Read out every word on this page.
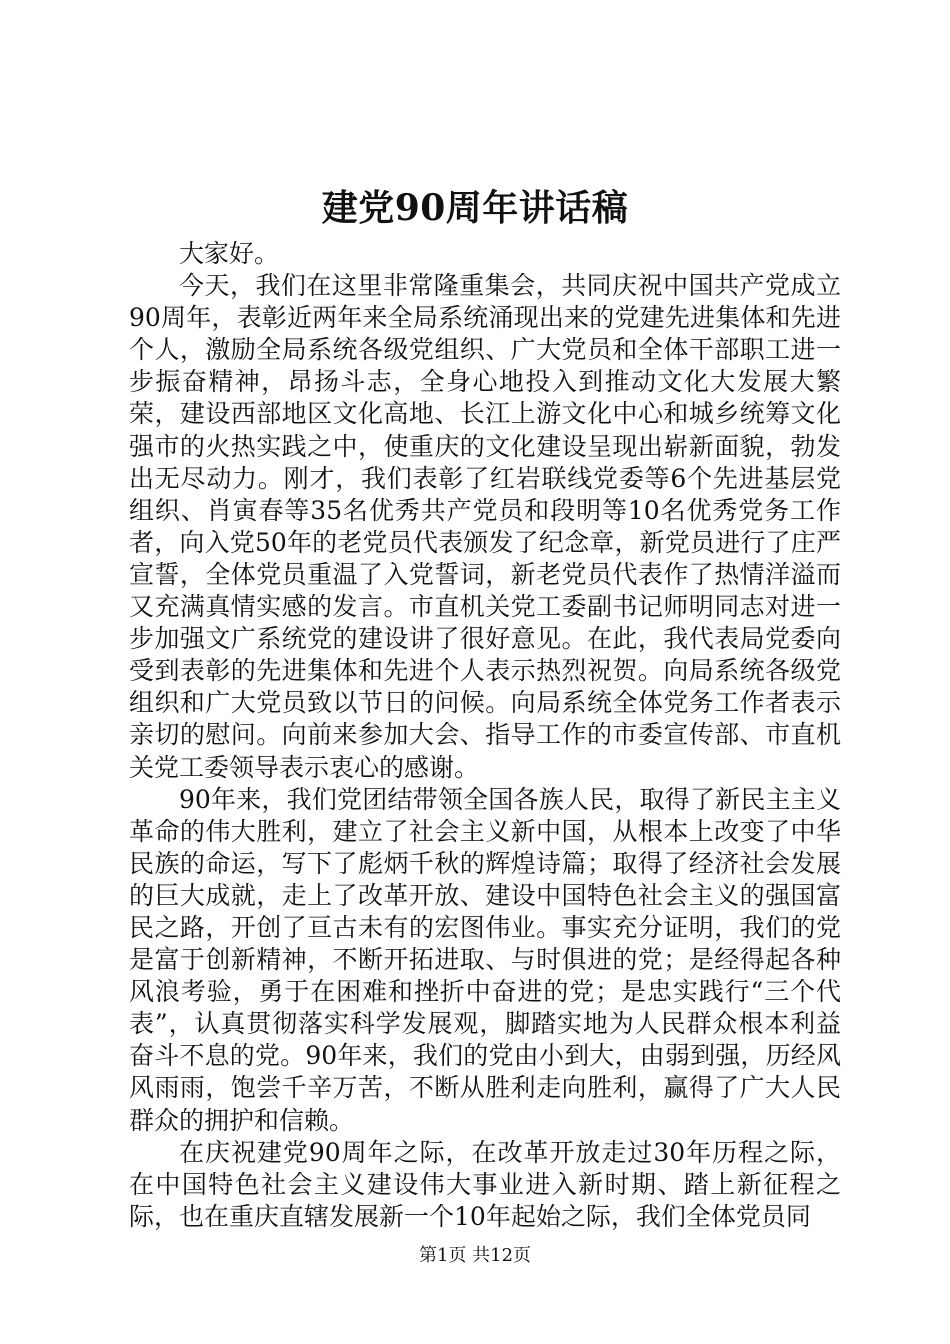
建党90周年讲话稿

大家好。

今天，我们在这里非常隆重集会，共同庆祝中国共产党成立90周年，表彰近两年来全局系统涌现出来的党建先进集体和先进个人，激励全局系统各级党组织、广大党员和全体干部职工进一步振奋精神，昂扬斗志，全身心地投入到推动文化大发展大繁荣，建设西部地区文化高地、长江上游文化中心和城乡统筹文化强市的火热实践之中，使重庆的文化建设呈现出崭新面貌，勃发出无尽动力。刚才，我们表彰了红岩联线党委等6个先进基层党组织、肖寅春等35名优秀共产党员和段明等10名优秀党务工作者，向入党50年的老党员代表颁发了纪念章，新党员进行了庄严宣誓，全体党员重温了入党誓词，新老党员代表作了热情洋溢而又充满真情实感的发言。市直机关党工委副书记师明同志对进一步加强文广系统党的建设讲了很好意见。在此，我代表局党委向受到表彰的先进集体和先进个人表示热烈祝贺。向局系统各级党组织和广大党员致以节日的问候。向局系统全体党务工作者表示亲切的慰问。向前来参加大会、指导工作的市委宣传部、市直机关党工委领导表示衷心的感谢。

90年来，我们党团结带领全国各族人民，取得了新民主主义革命的伟大胜利，建立了社会主义新中国，从根本上改变了中华民族的命运，写下了彪炳千秋的辉煌诗篇；取得了经济社会发展的巨大成就，走上了改革开放、建设中国特色社会主义的强国富民之路，开创了亘古未有的宏图伟业。事实充分证明，我们的党是富于创新精神，不断开拓进取、与时俱进的党；是经得起各种风浪考验，勇于在困难和挫折中奋进的党；是忠实践行“三个代表”，认真贯彻落实科学发展观，脚踏实地为人民群众根本利益奋斗不息的党。90年来，我们的党由小到大，由弱到强，历经风风雨雨，饱尝千辛万苦，不断从胜利走向胜利，赢得了广大人民群众的拥护和信赖。

在庆祝建党90周年之际，在改革开放走过30年历程之际，在中国特色社会主义建设伟大事业进入新时期、踏上新征程之际，也在重庆直辖发展新一个10年起始之际，我们全体党员同

第1页 共12页
